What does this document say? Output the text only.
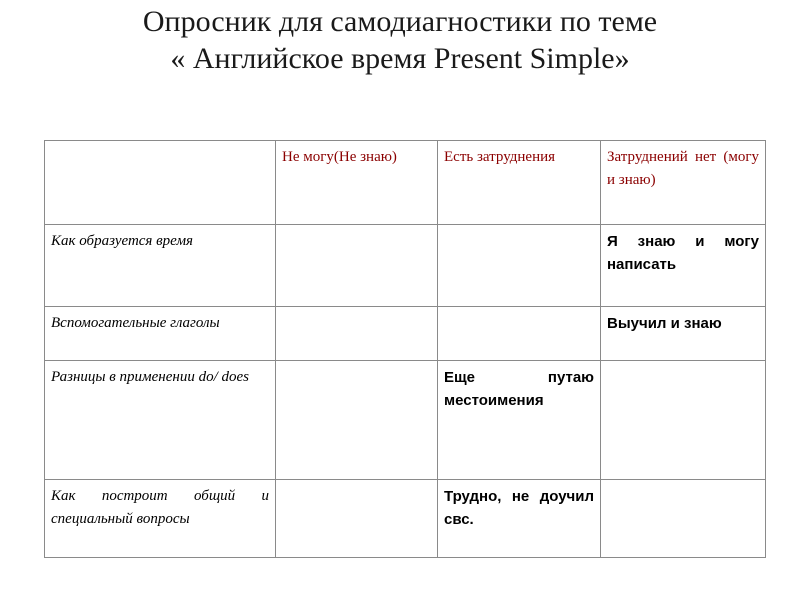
Опросник для самодиагностики по теме
« Английское время Present Simple»
	Не могу(Не знаю)	Есть затруднения	Затруднений нет (могу и знаю)
Как образуется время			Я знаю и могу написать
Вспомогательные глаголы			Выучил и знаю
Разницы в применении do/ does		Еще путаю местоимения	
Как построит общий и специальный вопросы		Трудно, не доучил свс.	
